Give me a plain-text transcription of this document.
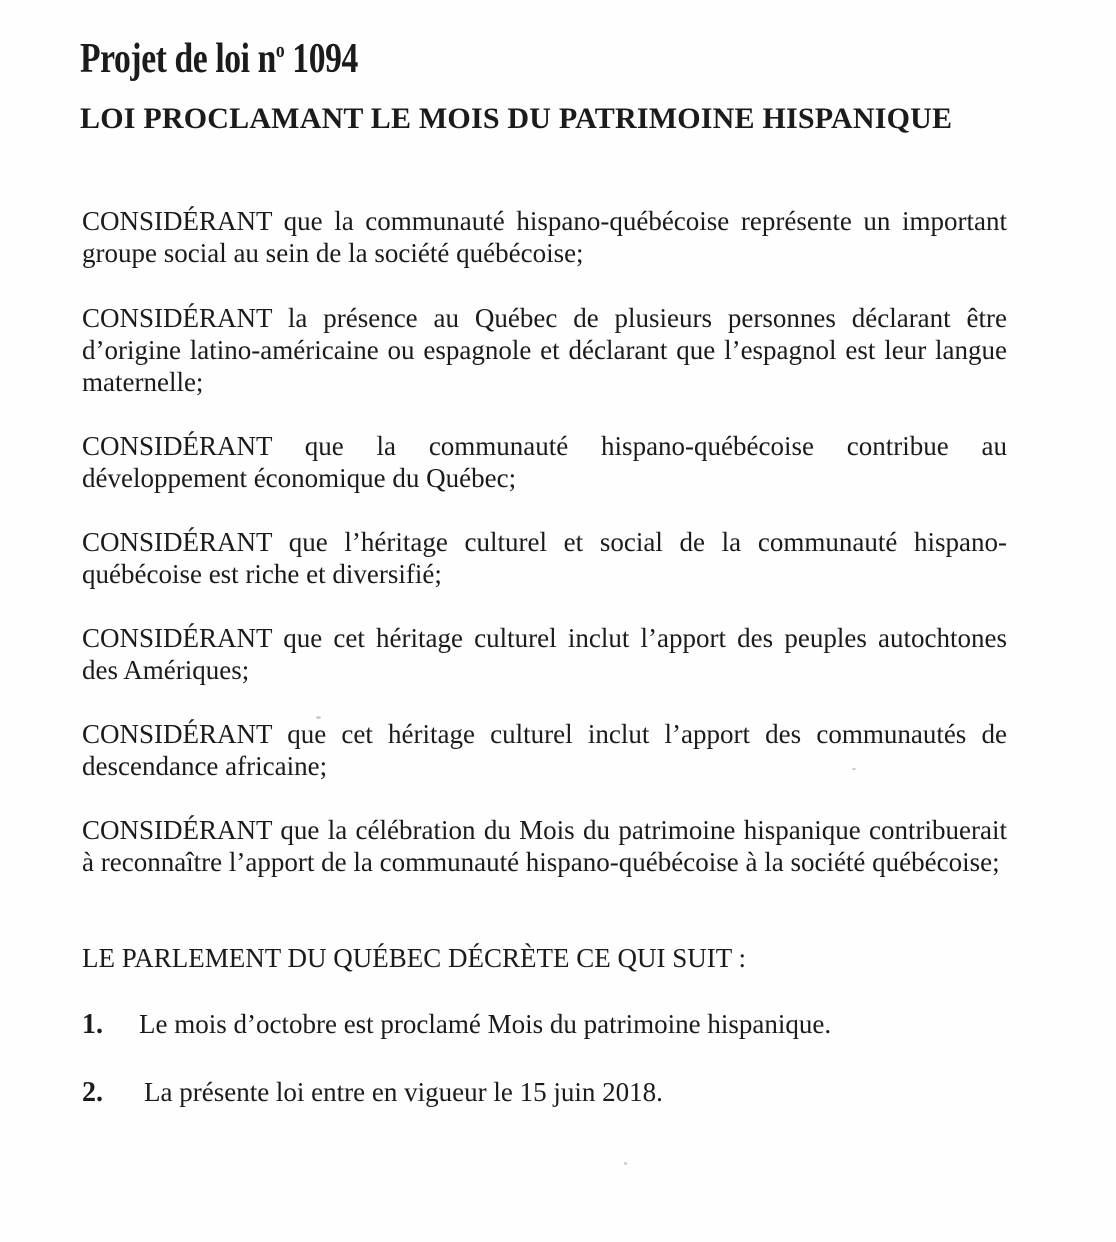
Projet de loi $n^o$ 1094
LOI PROCLAMANT LE MOIS DU PATRIMOINE HISPANIQUE

CONSIDÉRANT que la communauté hispano-québécoise représente un important groupe social au sein de la société québécoise;

CONSIDÉRANT la présence au Québec de plusieurs personnes déclarant être d’origine latino-américaine ou espagnole et déclarant que l’espagnol est leur langue maternelle;

CONSIDÉRANT que la communauté hispano-québécoise contribue au développement économique du Québec;

CONSIDÉRANT que l’héritage culturel et social de la communauté hispano-québécoise est riche et diversifié;

CONSIDÉRANT que cet héritage culturel inclut l’apport des peuples autochtones des Amériques;

CONSIDÉRANT que cet héritage culturel inclut l’apport des communautés de descendance africaine;

CONSIDÉRANT que la célébration du Mois du patrimoine hispanique contribuerait à reconnaître l’apport de la communauté hispano-québécoise à la société québécoise;

LE PARLEMENT DU QUÉBEC DÉCRÈTE CE QUI SUIT :

1. Le mois d’octobre est proclamé Mois du patrimoine hispanique.

2. La présente loi entre en vigueur le 15 juin 2018.
